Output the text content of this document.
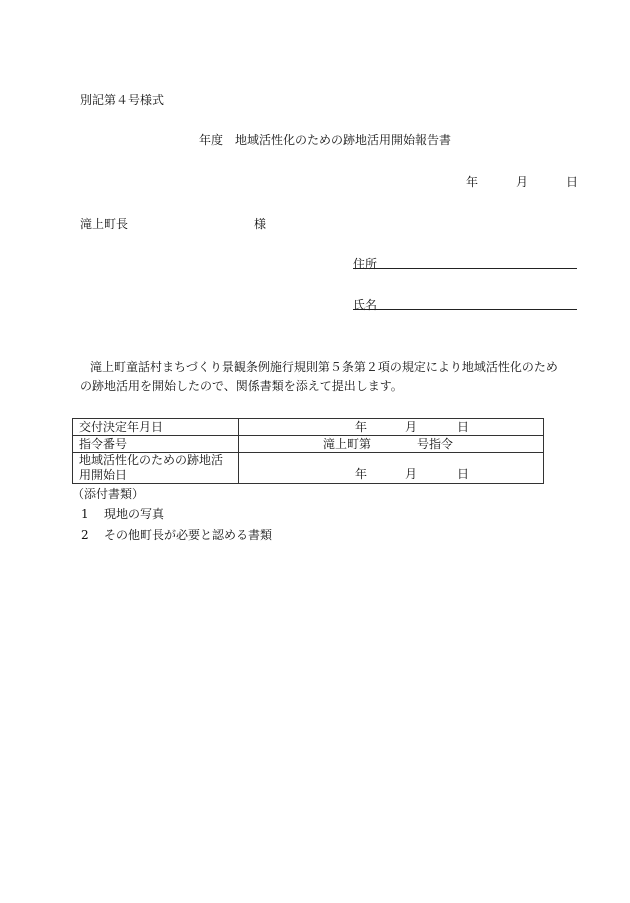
別記第４号様式
年度　地域活性化のための跡地活用開始報告書
年	月	日
滝上町長	様
住所
氏名
滝上町童話村まちづくり景観条例施行規則第５条第２項の規定により地域活性化のため
の跡地活用を開始したので、関係書類を添えて提出します。
交付決定年月日	年 月 日
指令番号	滝上町第 号指令

地域活性化のための跡地活
用開始日	年 月 日
（添付書類）
1 現地の写真
2 その他町長が必要と認める書類
